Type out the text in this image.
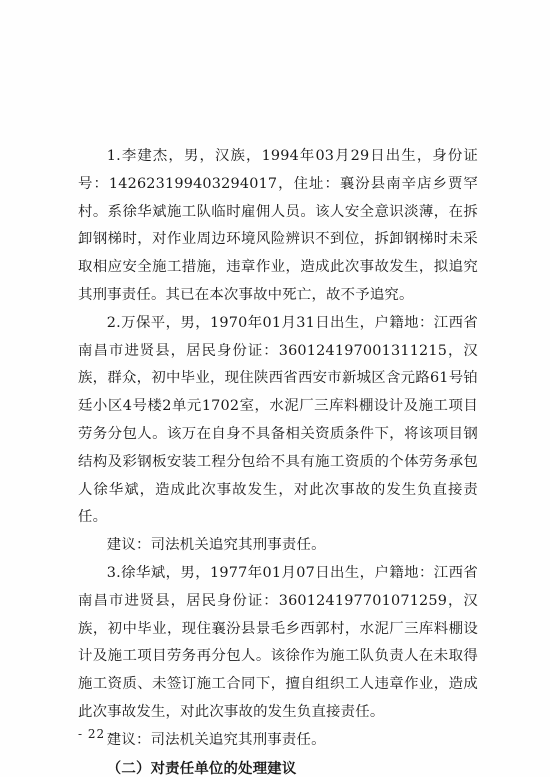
1.李建杰，男，汉族，1994年03月29日出生，身份证号：142623199403294017，住址：襄汾县南辛店乡贾罕村。系徐华斌施工队临时雇佣人员。该人安全意识淡薄，在拆卸钢梯时，对作业周边环境风险辨识不到位，拆卸钢梯时未采取相应安全施工措施，违章作业，造成此次事故发生，拟追究其刑事责任。其已在本次事故中死亡，故不予追究。

2.万保平，男，1970年01月31日出生，户籍地：江西省南昌市进贤县，居民身份证：360124197001311215，汉族，群众，初中毕业，现住陕西省西安市新城区含元路61号铂廷小区4号楼2单元1702室，水泥厂三库料棚设计及施工项目劳务分包人。该万在自身不具备相关资质条件下，将该项目钢结构及彩钢板安装工程分包给不具有施工资质的个体劳务承包人徐华斌，造成此次事故发生，对此次事故的发生负直接责任。

建议：司法机关追究其刑事责任。

3.徐华斌，男，1977年01月07日出生，户籍地：江西省南昌市进贤县，居民身份证：360124197701071259，汉族，初中毕业，现住襄汾县景毛乡西郭村，水泥厂三库料棚设计及施工项目劳务再分包人。该徐作为施工队负责人在未取得施工资质、未签订施工合同下，擅自组织工人违章作业，造成此次事故发生，对此次事故的发生负直接责任。

建议：司法机关追究其刑事责任。

（二）对责任单位的处理建议

- 22 -
